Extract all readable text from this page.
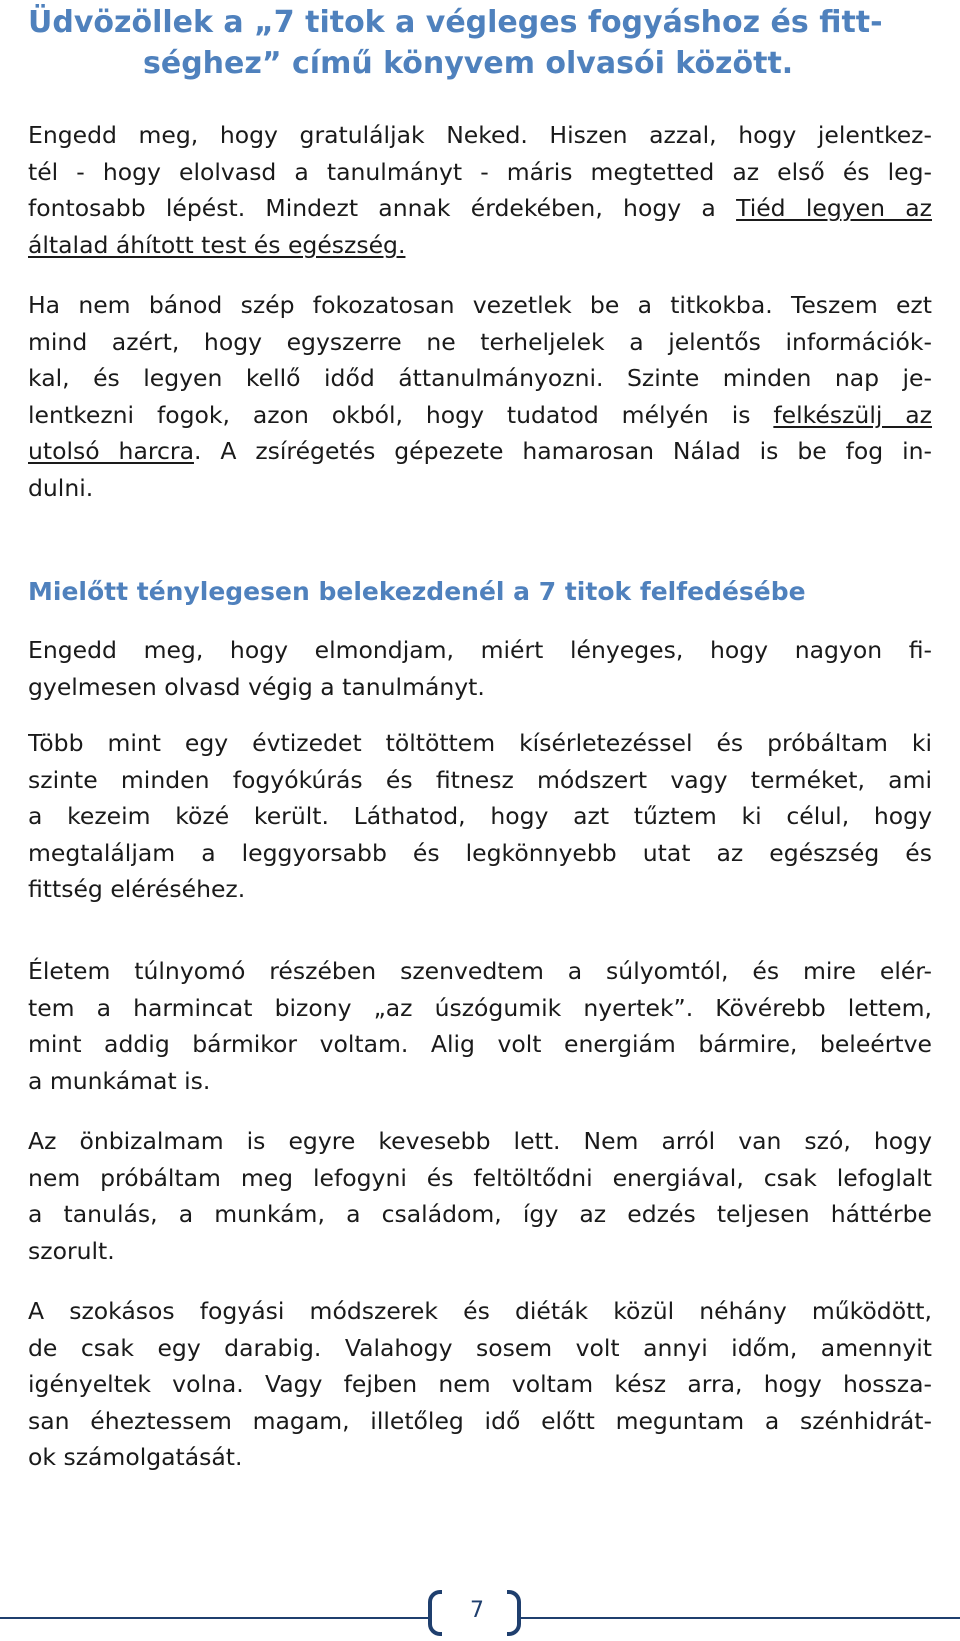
Üdvözöllek a „7 titok a végleges fogyáshoz és fitt-
séghez” című könyvem olvasói között.

Engedd meg, hogy gratuláljak Neked. Hiszen azzal, hogy jelentkez-
tél - hogy elolvasd a tanulmányt - máris megtetted az első és leg-
fontosabb lépést. Mindezt annak érdekében, hogy a Tiéd legyen az
általad áhított test és egészség.

Ha nem bánod szép fokozatosan vezetlek be a titkokba. Teszem ezt
mind azért, hogy egyszerre ne terheljelek a jelentős információk-
kal, és legyen kellő időd áttanulmányozni. Szinte minden nap je-
lentkezni fogok, azon okból, hogy tudatod mélyén is felkészülj az
utolsó harcra. A zsírégetés gépezete hamarosan Nálad is be fog in-
dulni.

Mielőtt ténylegesen belekezdenél a 7 titok felfedésébe

Engedd meg, hogy elmondjam, miért lényeges, hogy nagyon fi-
gyelmesen olvasd végig a tanulmányt.

Több mint egy évtizedet töltöttem kísérletezéssel és próbáltam ki
szinte minden fogyókúrás és fitnesz módszert vagy terméket, ami
a kezeim közé került. Láthatod, hogy azt tűztem ki célul, hogy
megtaláljam a leggyorsabb és legkönnyebb utat az egészség és
fittség eléréséhez.

Életem túlnyomó részében szenvedtem a súlyomtól, és mire elér-
tem a harmincat bizony „az úszógumik nyertek”. Kövérebb lettem,
mint addig bármikor voltam. Alig volt energiám bármire, beleértve
a munkámat is.

Az önbizalmam is egyre kevesebb lett. Nem arról van szó, hogy
nem próbáltam meg lefogyni és feltöltődni energiával, csak lefoglalt
a tanulás, a munkám, a családom, így az edzés teljesen háttérbe
szorult.

A szokásos fogyási módszerek és diéták közül néhány működött,
de csak egy darabig. Valahogy sosem volt annyi időm, amennyit
igényeltek volna. Vagy fejben nem voltam kész arra, hogy hossza-
san éheztessem magam, illetőleg idő előtt meguntam a szénhidrát-
ok számolgatását.

7
